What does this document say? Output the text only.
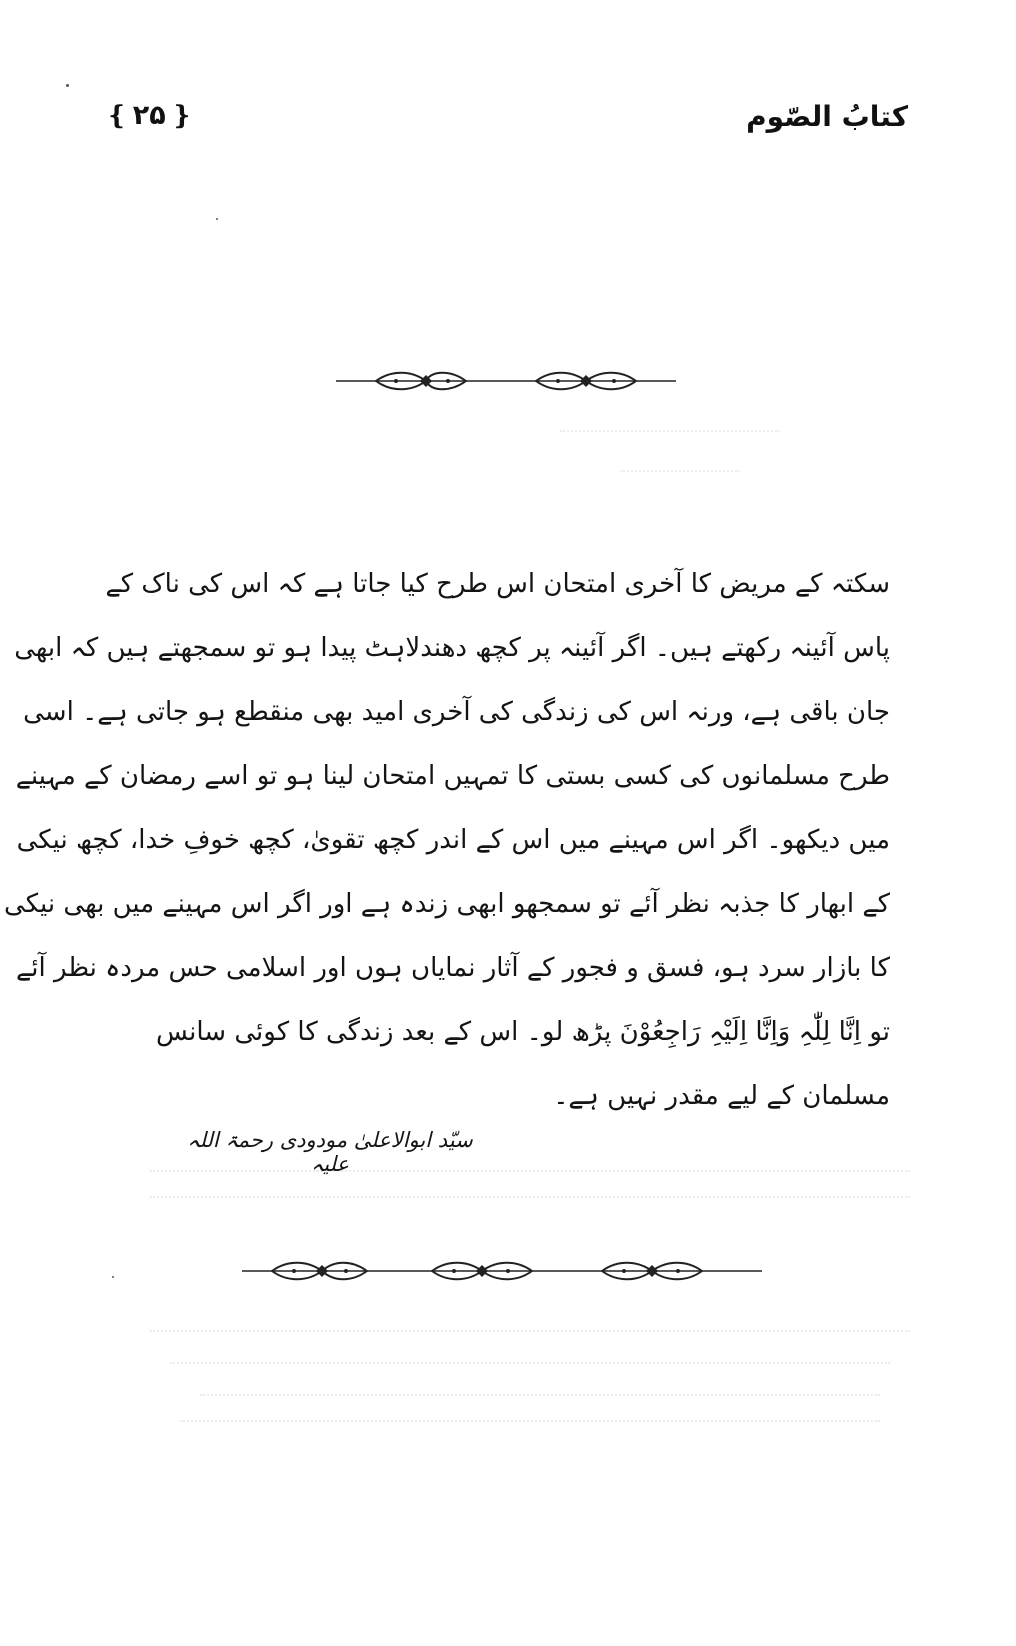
کتابُ الصّوم
❴ ۲۵ ❵
سکتہ کے مریض کا آخری امتحان اس طرح کیا جاتا ہے کہ اس کی ناک کے
پاس آئینہ رکھتے ہیں۔ اگر آئینہ پر کچھ دھندلاہٹ پیدا ہو تو سمجھتے ہیں کہ ابھی
جان باقی ہے، ورنہ اس کی زندگی کی آخری امید بھی منقطع ہو جاتی ہے۔ اسی
طرح مسلمانوں کی کسی بستی کا تمہیں امتحان لینا ہو تو اسے رمضان کے مہینے
میں دیکھو۔ اگر اس مہینے میں اس کے اندر کچھ تقویٰ، کچھ خوفِ خدا، کچھ نیکی
کے ابھار کا جذبہ نظر آئے تو سمجھو ابھی زندہ ہے اور اگر اس مہینے میں بھی نیکی
کا بازار سرد ہو، فسق و فجور کے آثار نمایاں ہوں اور اسلامی حس مردہ نظر آئے
تو اِنَّا لِلّٰہِ وَاِنَّا اِلَیْہِ رَاجِعُوْنَ پڑھ لو۔ اس کے بعد زندگی کا کوئی سانس
مسلمان کے لیے مقدر نہیں ہے۔
سیّد ابوالاعلیٰ مودودی رحمۃ اللہ علیہ
